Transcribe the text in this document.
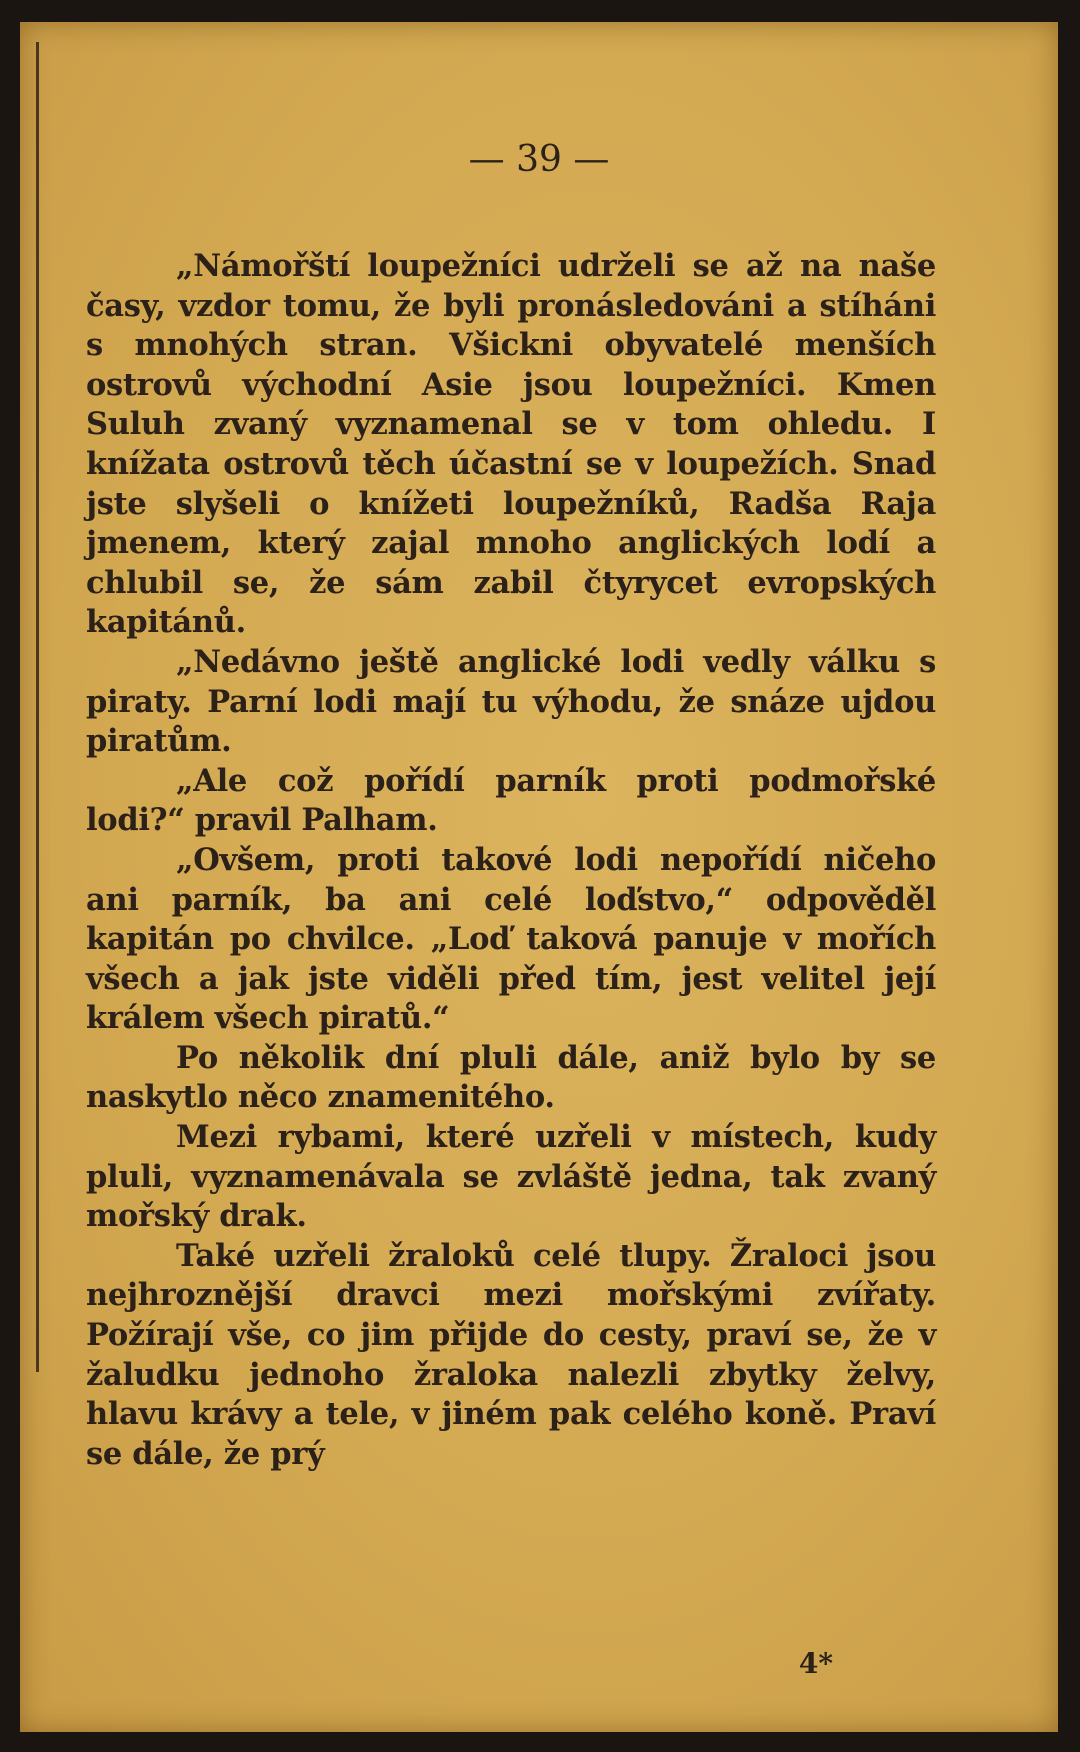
— 39 —

„Námořští loupežníci udrželi se až na naše časy, vzdor tomu, že byli pronásledováni a stíháni s mnohých stran. Všickni obyvatelé menších ostrovů východní Asie jsou loupežníci. Kmen Suluh zvaný vyznamenal se v tom ohledu. I knížata ostrovů těch účastní se v loupežích. Snad jste slyšeli o knížeti loupežníků, Radša Raja jmenem, který zajal mnoho anglických lodí a chlubil se, že sám zabil čtyrycet evropských kapitánů.

„Nedávno ještě anglické lodi vedly válku s piraty. Parní lodi mají tu výhodu, že snáze ujdou piratům.

„Ale což pořídí parník proti podmořské lodi?“ pravil Palham.

„Ovšem, proti takové lodi nepořídí ničeho ani parník, ba ani celé loďstvo,“ odpověděl kapitán po chvilce. „Loď taková panuje v mořích všech a jak jste viděli před tím, jest velitel její králem všech piratů.“

Po několik dní pluli dále, aniž bylo by se naskytlo něco znamenitého.

Mezi rybami, které uzřeli v místech, kudy pluli, vyznamenávala se zvláště jedna, tak zvaný mořský drak.

Také uzřeli žraloků celé tlupy. Žraloci jsou nejhroznější dravci mezi mořskými zvířaty. Požírají vše, co jim přijde do cesty, praví se, že v žaludku jednoho žraloka nalezli zbytky želvy, hlavu krávy a tele, v jiném pak celého koně. Praví se dále, že prý

4*
